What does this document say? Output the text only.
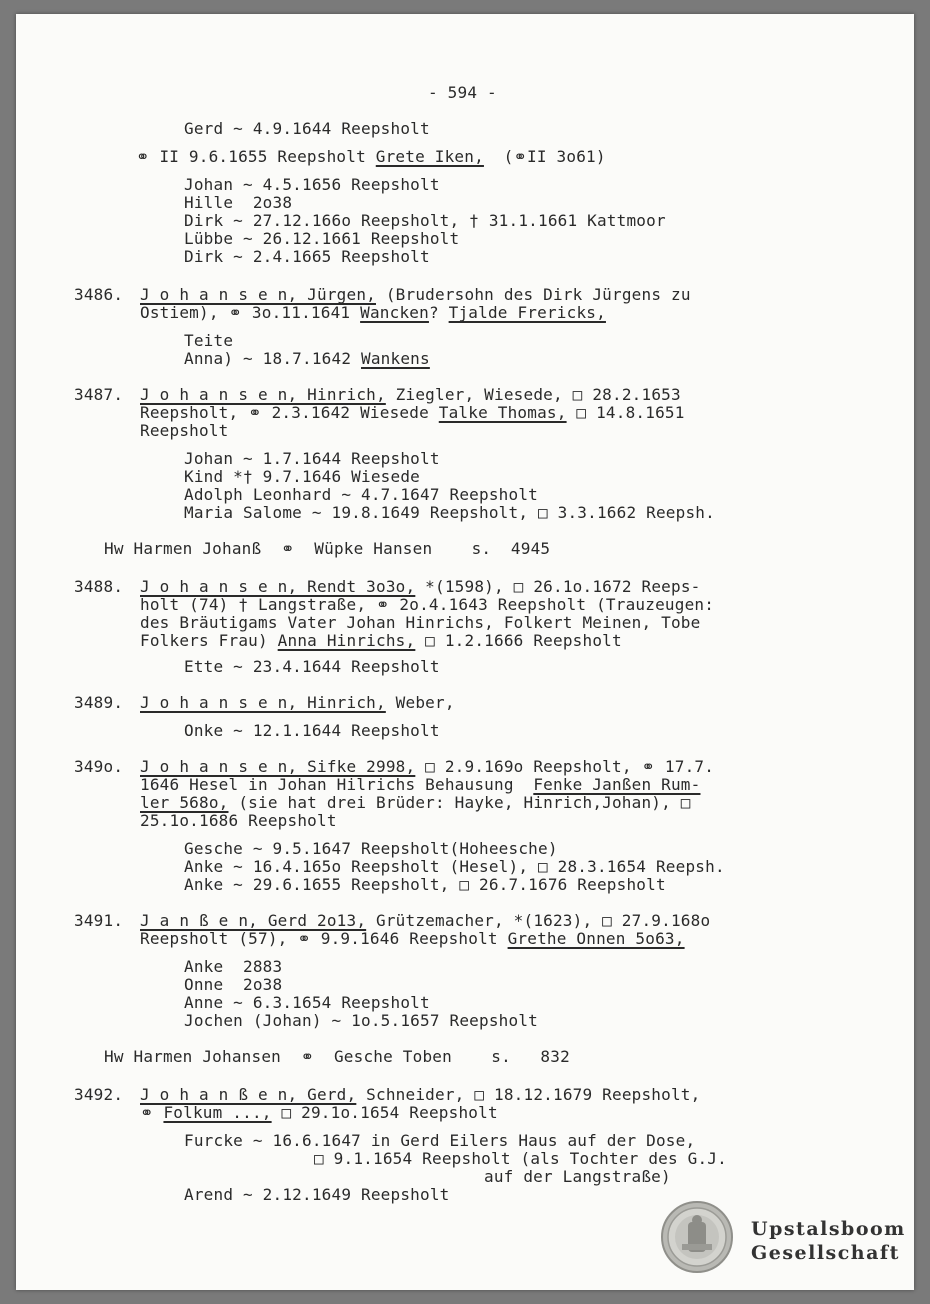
- 594 -
Gerd ~ 4.9.1644 Reepsholt
⚭ II 9.6.1655 Reepsholt Grete Iken, (⚭II 3o61)
Johan ~ 4.5.1656 Reepsholt
Hille  2o38
Dirk ~ 27.12.166o Reepsholt, † 31.1.1661 Kattmoor
Lübbe ~ 26.12.1661 Reepsholt
Dirk ~ 2.4.1665 Reepsholt
3486. J o h a n s e n, Jürgen, (Brudersohn des Dirk Jürgens zu
Ostiem), ⚭ 3o.11.1641 Wancken? Tjalde Frericks,
Teite
Anna) ~ 18.7.1642 Wankens
3487. J o h a n s e n, Hinrich, Ziegler, Wiesede, □ 28.2.1653
Reepsholt, ⚭ 2.3.1642 Wiesede Talke Thomas, □ 14.8.1651
Reepsholt
Johan ~ 1.7.1644 Reepsholt
Kind *† 9.7.1646 Wiesede
Adolph Leonhard ~ 4.7.1647 Reepsholt
Maria Salome ~ 19.8.1649 Reepsholt, □ 3.3.1662 Reepsh.
Hw Harmen Johanß  ⚭  Wüpke Hansen    s.  4945
3488. J o h a n s e n, Rendt 3o3o, *(1598), □ 26.1o.1672 Reeps-
holt (74) † Langstraße, ⚭ 2o.4.1643 Reepsholt (Trauzeugen:
des Bräutigams Vater Johan Hinrichs, Folkert Meinen, Tobe
Folkers Frau) Anna Hinrichs, □ 1.2.1666 Reepsholt
Ette ~ 23.4.1644 Reepsholt
3489. J o h a n s e n, Hinrich, Weber,
Onke ~ 12.1.1644 Reepsholt
349o. J o h a n s e n, Sifke 2998, □ 2.9.169o Reepsholt, ⚭ 17.7.
1646 Hesel in Johan Hilrichs Behausung  Fenke Janßen Rum-
ler 568o, (sie hat drei Brüder: Hayke, Hinrich,Johan), □
25.1o.1686 Reepsholt
Gesche ~ 9.5.1647 Reepsholt(Hoheesche)
Anke ~ 16.4.165o Reepsholt (Hesel), □ 28.3.1654 Reepsh.
Anke ~ 29.6.1655 Reepsholt, □ 26.7.1676 Reepsholt
3491. J a n ß e n, Gerd 2o13, Grützemacher, *(1623), □ 27.9.168o
Reepsholt (57), ⚭ 9.9.1646 Reepsholt Grethe Onnen 5o63,
Anke  2883
Onne  2o38
Anne ~ 6.3.1654 Reepsholt
Jochen (Johan) ~ 1o.5.1657 Reepsholt
Hw Harmen Johansen  ⚭  Gesche Toben    s.   832
3492. J o h a n ß e n, Gerd, Schneider, □ 18.12.1679 Reepsholt,
⚭ Folkum ..., □ 29.1o.1654 Reepsholt
Furcke ~ 16.6.1647 in Gerd Eilers Haus auf der Dose,
□ 9.1.1654 Reepsholt (als Tochter des G.J.
auf der Langstraße)
Arend ~ 2.12.1649 Reepsholt
Upstalsboom
Gesellschaft
